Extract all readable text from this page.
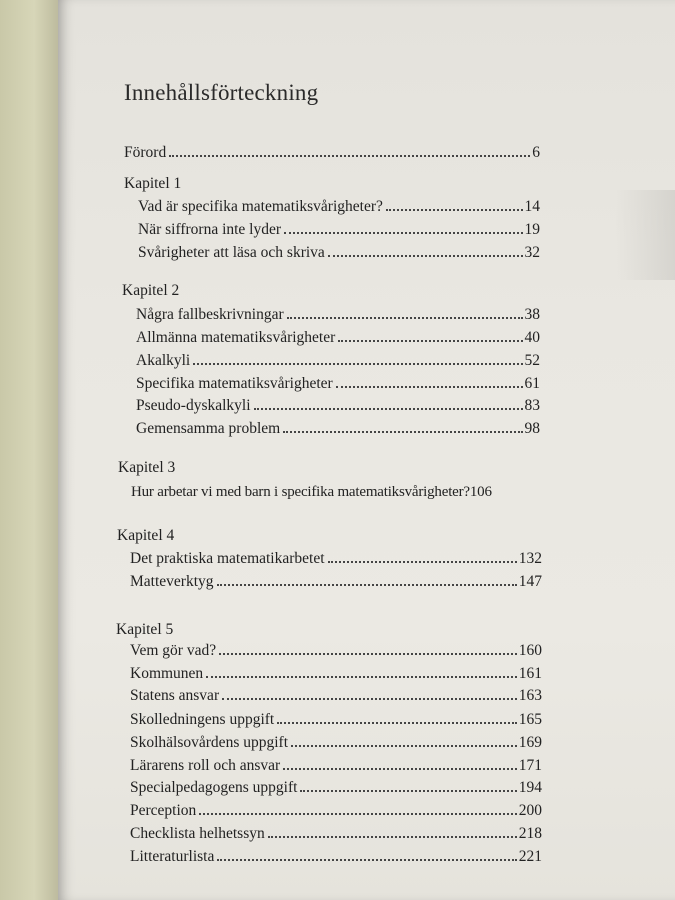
Innehållsförteckning
Förord	6
Kapitel 1
Vad är specifika matematiksvårigheter?	14
När siffrorna inte lyder	19
Svårigheter att läsa och skriva	32
Kapitel 2
Några fallbeskrivningar	38
Allmänna matematiksvårigheter	40
Akalkyli	52
Specifika matematiksvårigheter	61
Pseudo-dyskalkyli	83
Gemensamma problem	98
Kapitel 3
Hur arbetar vi med barn i specifika matematiksvårigheter? 106
Kapitel 4
Det praktiska matematikarbetet	132
Matteverktyg	147
Kapitel 5
Vem gör vad?	160
Kommunen	161
Statens ansvar	163
Skolledningens uppgift	165
Skolhälsovårdens uppgift	169
Lärarens roll och ansvar	171
Specialpedagogens uppgift	194
Perception	200
Checklista helhetssyn	218
Litteraturlista	221
